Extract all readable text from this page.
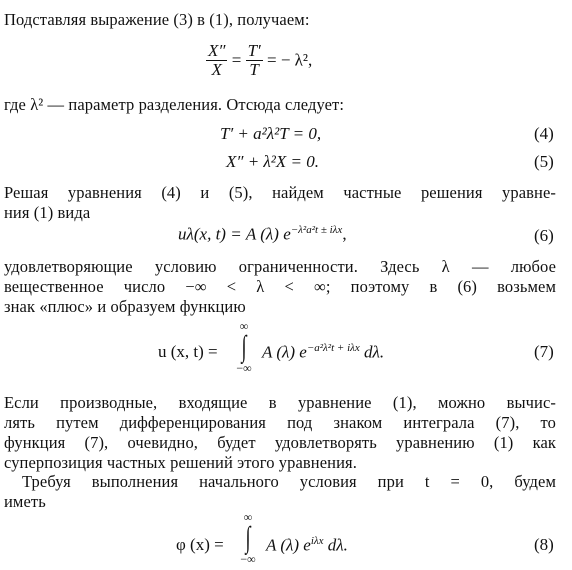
Подставляя выражение (3) в (1), получаем:
$\frac{X''}{X} = \frac{T'}{T}$ = − λ²,
где λ² — параметр разделения. Отсюда следует:
T′ + a²λ²T = 0,	(4)
X″ + λ²X = 0.	(5)
Решая уравнения (4) и (5), найдем частные решения уравне-
ния (1) вида
uλ(x, t) = A (λ) $e^{-\lambda^2a^2t \pm i\lambda x}$,	(6)
удовлетворяющие условию ограниченности. Здесь λ — любое
вещественное число −∞ < λ < ∞; поэтому в (6) возьмем
знак «плюс» и образуем функцию
u (x, t) =
∞
∫
−∞
A (λ) $e^{-a^2\lambda^2t + i\lambda x}$ dλ.	(7)
Если производные, входящие в уравнение (1), можно вычис-
лять путем дифференцирования под знаком интеграла (7), то
функция (7), очевидно, будет удовлетворять уравнению (1) как
суперпозиция частных решений этого уравнения.
Требуя выполнения начального условия при t = 0, будем
иметь
φ (x) =
∞
∫
−∞
A (λ) $e^{i\lambda x}$ dλ.	(8)
